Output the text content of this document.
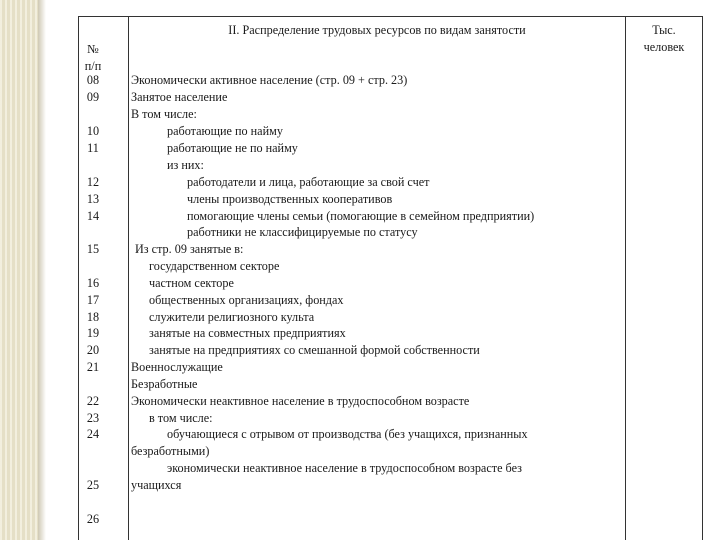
№
п/п
II. Распределение трудовых ресурсов по видам занятости	Тыс.
человек
08
09
10
11
12
13
14
15
16
17
18
19
20
21
22
23
24
25
26
Экономически активное население (стр. 09 + стр. 23)
Занятое население
В том числе:
работающие по найму
работающие не по найму
из них:
работодатели и лица, работающие за свой счет
члены производственных кооперативов
помогающие члены семьи (помогающие в семейном предприятии)
работники не классифицируемые по статусу
Из стр. 09 занятые в:
государственном секторе
частном секторе
общественных организациях, фондах
служители религиозного культа
занятые на совместных предприятиях
занятые на предприятиях со смешанной формой собственности
Военнослужащие
Безработные
Экономически неактивное население в трудоспособном возрасте
в том числе:
обучающиеся с отрывом от производства (без учащихся, признанных
безработными)
экономически неактивное население в трудоспособном возрасте без
учащихся
